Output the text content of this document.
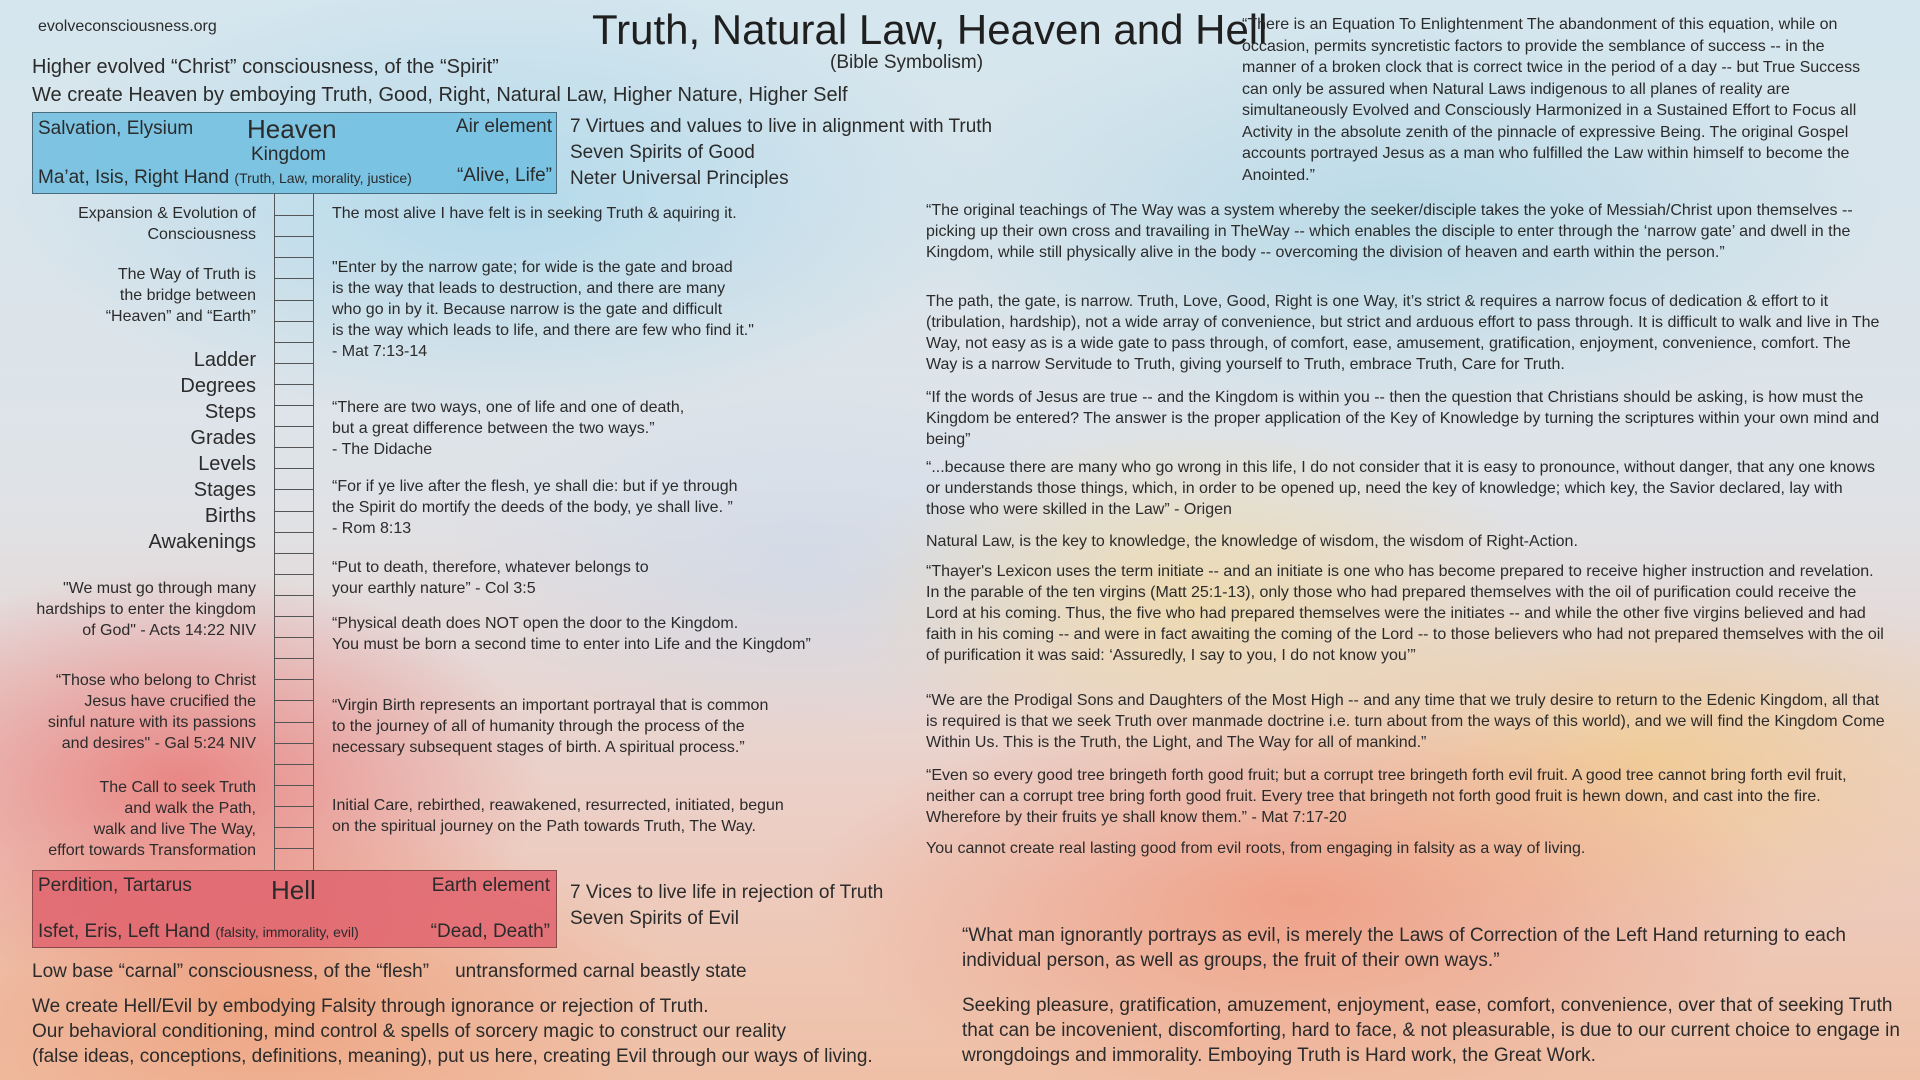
evolveconsciousness.org	Truth, Natural Law, Heaven and Hell
(Bible Symbolism)
Higher evolved “Christ” consciousness, of the “Spirit”
We create Heaven by emboying Truth, Good, Right, Natural Law, Higher Nature, Higher Self
Salvation, Elysium Heaven
Kingdom
Air element
Ma’at, Isis, Right Hand (Truth, Law, morality, justice) “Alive, Life”
7 Virtues and values to live in alignment with Truth
Seven Spirits of Good
Neter Universal Principles
Expansion & Evolution of
Consciousness
The Way of Truth is
the bridge between
“Heaven” and “Earth”
Ladder
Degrees
Steps
Grades
Levels
Stages
Births
Awakenings
"We must go through many
hardships to enter the kingdom
of God" - Acts 14:22 NIV
“Those who belong to Christ
Jesus have crucified the
sinful nature with its passions
and desires" - Gal 5:24 NIV
The Call to seek Truth
and walk the Path,
walk and live The Way,
effort towards Transformation
The most alive I have felt is in seeking Truth & aquiring it.
"Enter by the narrow gate; for wide is the gate and broad
is the way that leads to destruction, and there are many
who go in by it. Because narrow is the gate and difficult
is the way which leads to life, and there are few who find it."
- Mat 7:13-14
“There are two ways, one of life and one of death,
but a great difference between the two ways.”
- The Didache
“For if ye live after the flesh, ye shall die: but if ye through
the Spirit do mortify the deeds of the body, ye shall live. ”
- Rom 8:13
“Put to death, therefore, whatever belongs to
your earthly nature” - Col 3:5
“Physical death does NOT open the door to the Kingdom.
You must be born a second time to enter into Life and the Kingdom”
“Virgin Birth represents an important portrayal that is common
to the journey of all of humanity through the process of the
necessary subsequent stages of birth. A spiritual process.”
Initial Care, rebirthed, reawakened, resurrected, initiated, begun
on the spiritual journey on the Path towards Truth, The Way.
Perdition, Tartarus	Hell	Earth element
Isfet, Eris, Left Hand (falsity, immorality, evil)	“Dead, Death”
7 Vices to live life in rejection of Truth
Seven Spirits of Evil
Low base “carnal” consciousness, of the “flesh” untransformed carnal beastly state
We create Hell/Evil by embodying Falsity through ignorance or rejection of Truth.
Our behavioral conditioning, mind control & spells of sorcery magic to construct our reality
(false ideas, conceptions, definitions, meaning), put us here, creating Evil through our ways of living.
“There is an Equation To Enlightenment The abandonment of this equation, while on occasion, permits syncretistic factors to provide the semblance of success -- in the manner of a broken clock that is correct twice in the period of a day -- but True Success can only be assured when Natural Laws indigenous to all planes of reality are simultaneously Evolved and Consciously Harmonized in a Sustained Effort to Focus all Activity in the absolute zenith of the pinnacle of expressive Being. The original Gospel accounts portrayed Jesus as a man who fulfilled the Law within himself to become the Anointed.”
“The original teachings of The Way was a system whereby the seeker/disciple takes the yoke of Messiah/Christ upon themselves -- picking up their own cross and travailing in TheWay -- which enables the disciple to enter through the ‘narrow gate’ and dwell in the Kingdom, while still physically alive in the body -- overcoming the division of heaven and earth within the person.”
The path, the gate, is narrow. Truth, Love, Good, Right is one Way, it’s strict & requires a narrow focus of dedication & effort to it (tribulation, hardship), not a wide array of convenience, but strict and arduous effort to pass through. It is difficult to walk and live in The Way, not easy as is a wide gate to pass through, of comfort, ease, amusement, gratification, enjoyment, convenience, comfort. The Way is a narrow Servitude to Truth, giving yourself to Truth, embrace Truth, Care for Truth.
“If the words of Jesus are true -- and the Kingdom is within you -- then the question that Christians should be asking, is how must the Kingdom be entered? The answer is the proper application of the Key of Knowledge by turning the scriptures within your own mind and being”
“...because there are many who go wrong in this life, I do not consider that it is easy to pronounce, without danger, that any one knows or understands those things, which, in order to be opened up, need the key of knowledge; which key, the Savior declared, lay with those who were skilled in the Law” - Origen
Natural Law, is the key to knowledge, the knowledge of wisdom, the wisdom of Right-Action.
“Thayer's Lexicon uses the term initiate -- and an initiate is one who has become prepared to receive higher instruction and revelation. In the parable of the ten virgins (Matt 25:1-13), only those who had prepared themselves with the oil of purification could receive the Lord at his coming. Thus, the five who had prepared themselves were the initiates -- and while the other five virgins believed and had faith in his coming -- and were in fact awaiting the coming of the Lord -- to those believers who had not prepared themselves with the oil of purification it was said: ‘Assuredly, I say to you, I do not know you’”
“We are the Prodigal Sons and Daughters of the Most High -- and any time that we truly desire to return to the Edenic Kingdom, all that is required is that we seek Truth over manmade doctrine i.e. turn about from the ways of this world), and we will find the Kingdom Come Within Us. This is the Truth, the Light, and The Way for all of mankind.”
“Even so every good tree bringeth forth good fruit; but a corrupt tree bringeth forth evil fruit. A good tree cannot bring forth evil fruit, neither can a corrupt tree bring forth good fruit. Every tree that bringeth not forth good fruit is hewn down, and cast into the fire. Wherefore by their fruits ye shall know them.” - Mat 7:17-20
You cannot create real lasting good from evil roots, from engaging in falsity as a way of living.
“What man ignorantly portrays as evil, is merely the Laws of Correction of the Left Hand returning to each individual person, as well as groups, the fruit of their own ways.”
Seeking pleasure, gratification, amuzement, enjoyment, ease, comfort, convenience, over that of seeking Truth that can be incovenient, discomforting, hard to face, & not pleasurable, is due to our current choice to engage in wrongdoings and immorality. Emboying Truth is Hard work, the Great Work.
